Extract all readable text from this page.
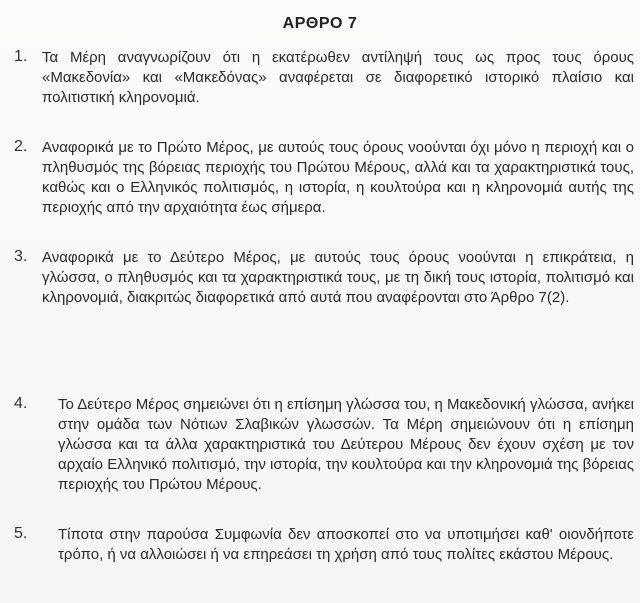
ΑΡΘΡΟ 7
1. Τα Μέρη αναγνωρίζουν ότι η εκατέρωθεν αντίληψή τους ως προς τους όρους «Μακεδονία» και «Μακεδόνας» αναφέρεται σε διαφορετικό ιστορικό πλαίσιο και πολιτιστική κληρονομιά.
2. Αναφορικά με το Πρώτο Μέρος, με αυτούς τους όρους νοούνται όχι μόνο η περιοχή και ο πληθυσμός της βόρειας περιοχής του Πρώτου Μέρους, αλλά και τα χαρακτηριστικά τους, καθώς και ο Ελληνικός πολιτισμός, η ιστορία, η κουλτούρα και η κληρονομιά αυτής της περιοχής από την αρχαιότητα έως σήμερα.
3. Αναφορικά με το Δεύτερο Μέρος, με αυτούς τους όρους νοούνται η επικράτεια, η γλώσσα, ο πληθυσμός και τα χαρακτηριστικά τους, με τη δική τους ιστορία, πολιτισμό και κληρονομιά, διακριτώς διαφορετικά από αυτά που αναφέρονται στο Άρθρο 7(2).
4. Το Δεύτερο Μέρος σημειώνει ότι η επίσημη γλώσσα του, η Μακεδονική γλώσσα, ανήκει στην ομάδα των Νότιων Σλαβικών γλωσσών. Τα Μέρη σημειώνουν ότι η επίσημη γλώσσα και τα άλλα χαρακτηριστικά του Δεύτερου Μέρους δεν έχουν σχέση με τον αρχαίο Ελληνικό πολιτισμό, την ιστορία, την κουλτούρα και την κληρονομιά της βόρειας περιοχής του Πρώτου Μέρους.
5. Τίποτα στην παρούσα Συμφωνία δεν αποσκοπεί στο να υποτιμήσει καθ' οιονδήποτε τρόπο, ή να αλλοιώσει ή να επηρεάσει τη χρήση από τους πολίτες εκάστου Μέρους.
